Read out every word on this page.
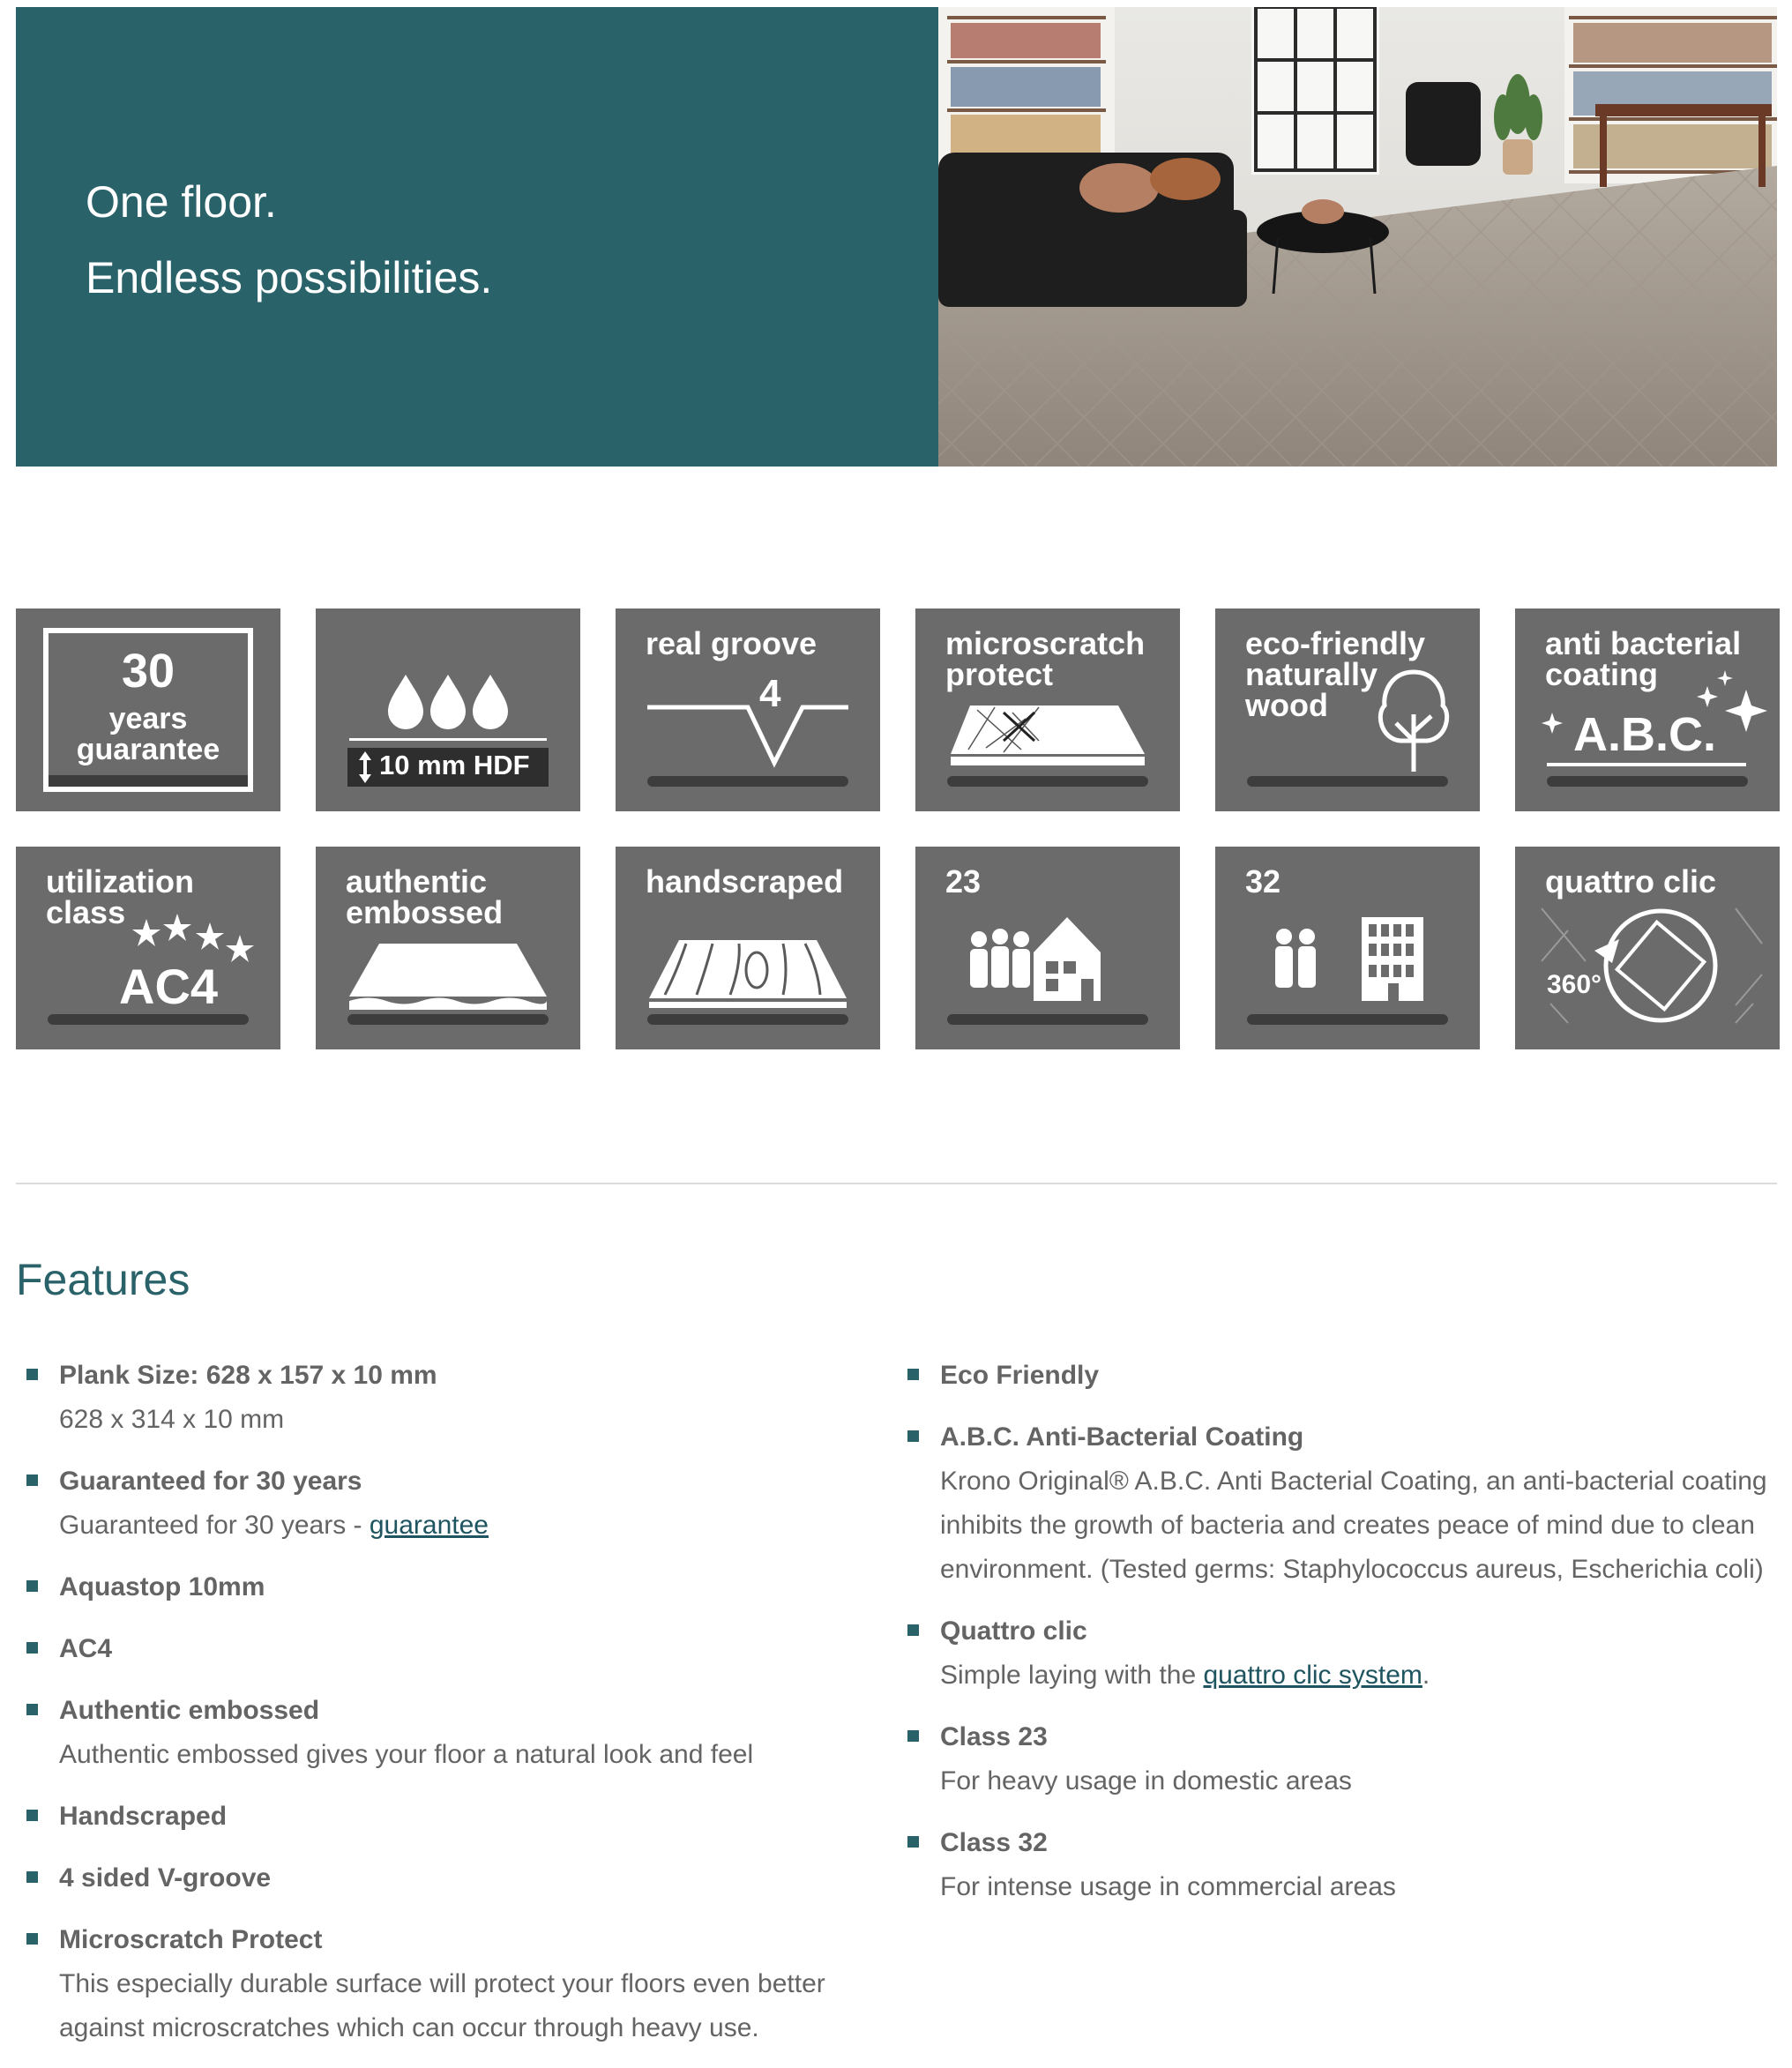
One floor.

Endless possibilities.

30
years
guarantee	10 mm HDF

real groove

4

microscratch
protect

eco-friendly
naturally
wood

anti bacterial
coating

A.B.C.

utilization
class

AC4

authentic
embossed

handscraped	23	32	quattro clic

360°
Features

Plank Size: 628 x 157 x 10 mm

628 x 314 x 10 mm

Guaranteed for 30 years

Guaranteed for 30 years - guarantee

Aquastop 10mm

AC4

Authentic embossed

Authentic embossed gives your floor a natural look and feel

Handscraped

4 sided V-groove

Microscratch Protect

This especially durable surface will protect your floors even better against microscratches which can occur through heavy use.

Eco Friendly

A.B.C. Anti-Bacterial Coating

Krono Original® A.B.C. Anti Bacterial Coating, an anti-bacterial coating inhibits the growth of bacteria and creates peace of mind due to clean environment. (Tested germs: Staphylococcus aureus, Escherichia coli)

Quattro clic

Simple laying with the quattro clic system.

Class 23

For heavy usage in domestic areas

Class 32

For intense usage in commercial areas
